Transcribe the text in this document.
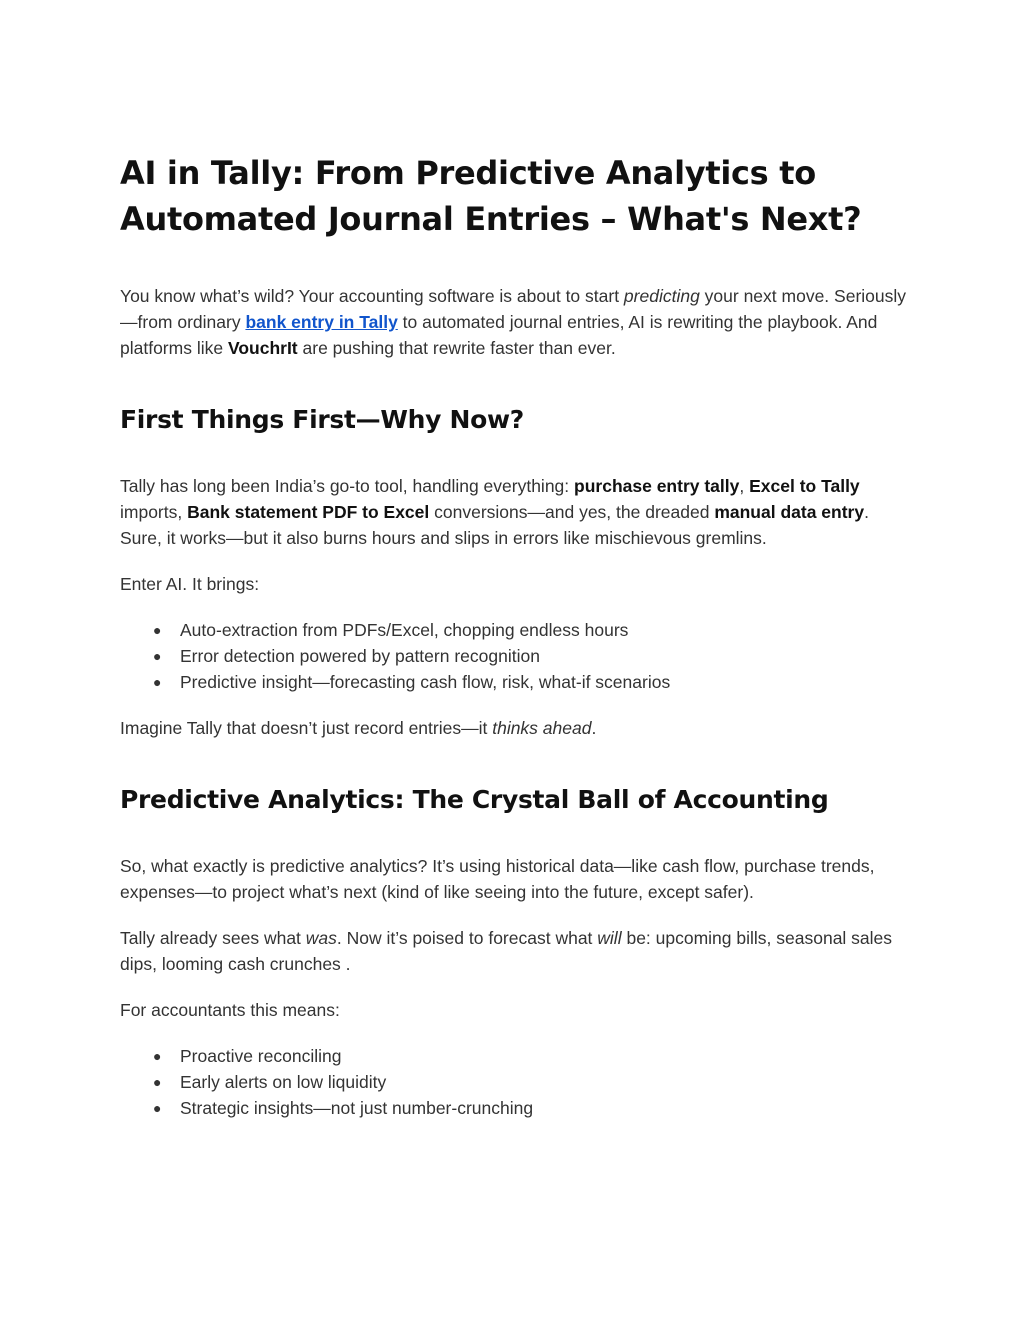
AI in Tally: From Predictive Analytics to Automated Journal Entries – What's Next?

You know what’s wild? Your accounting software is about to start predicting your next move. Seriously—from ordinary bank entry in Tally to automated journal entries, AI is rewriting the playbook. And platforms like VouchrIt are pushing that rewrite faster than ever.

First Things First—Why Now?

Tally has long been India’s go-to tool, handling everything: purchase entry tally, Excel to Tally imports, Bank statement PDF to Excel conversions—and yes, the dreaded manual data entry. Sure, it works—but it also burns hours and slips in errors like mischievous gremlins.

Enter AI. It brings:

● Auto-extraction from PDFs/Excel, chopping endless hours
● Error detection powered by pattern recognition
● Predictive insight—forecasting cash flow, risk, what-if scenarios

Imagine Tally that doesn’t just record entries—it thinks ahead.

Predictive Analytics: The Crystal Ball of Accounting

So, what exactly is predictive analytics? It’s using historical data—like cash flow, purchase trends, expenses—to project what’s next (kind of like seeing into the future, except safer).

Tally already sees what was. Now it’s poised to forecast what will be: upcoming bills, seasonal sales dips, looming cash crunches .

For accountants this means:

● Proactive reconciling
● Early alerts on low liquidity
● Strategic insights—not just number-crunching
